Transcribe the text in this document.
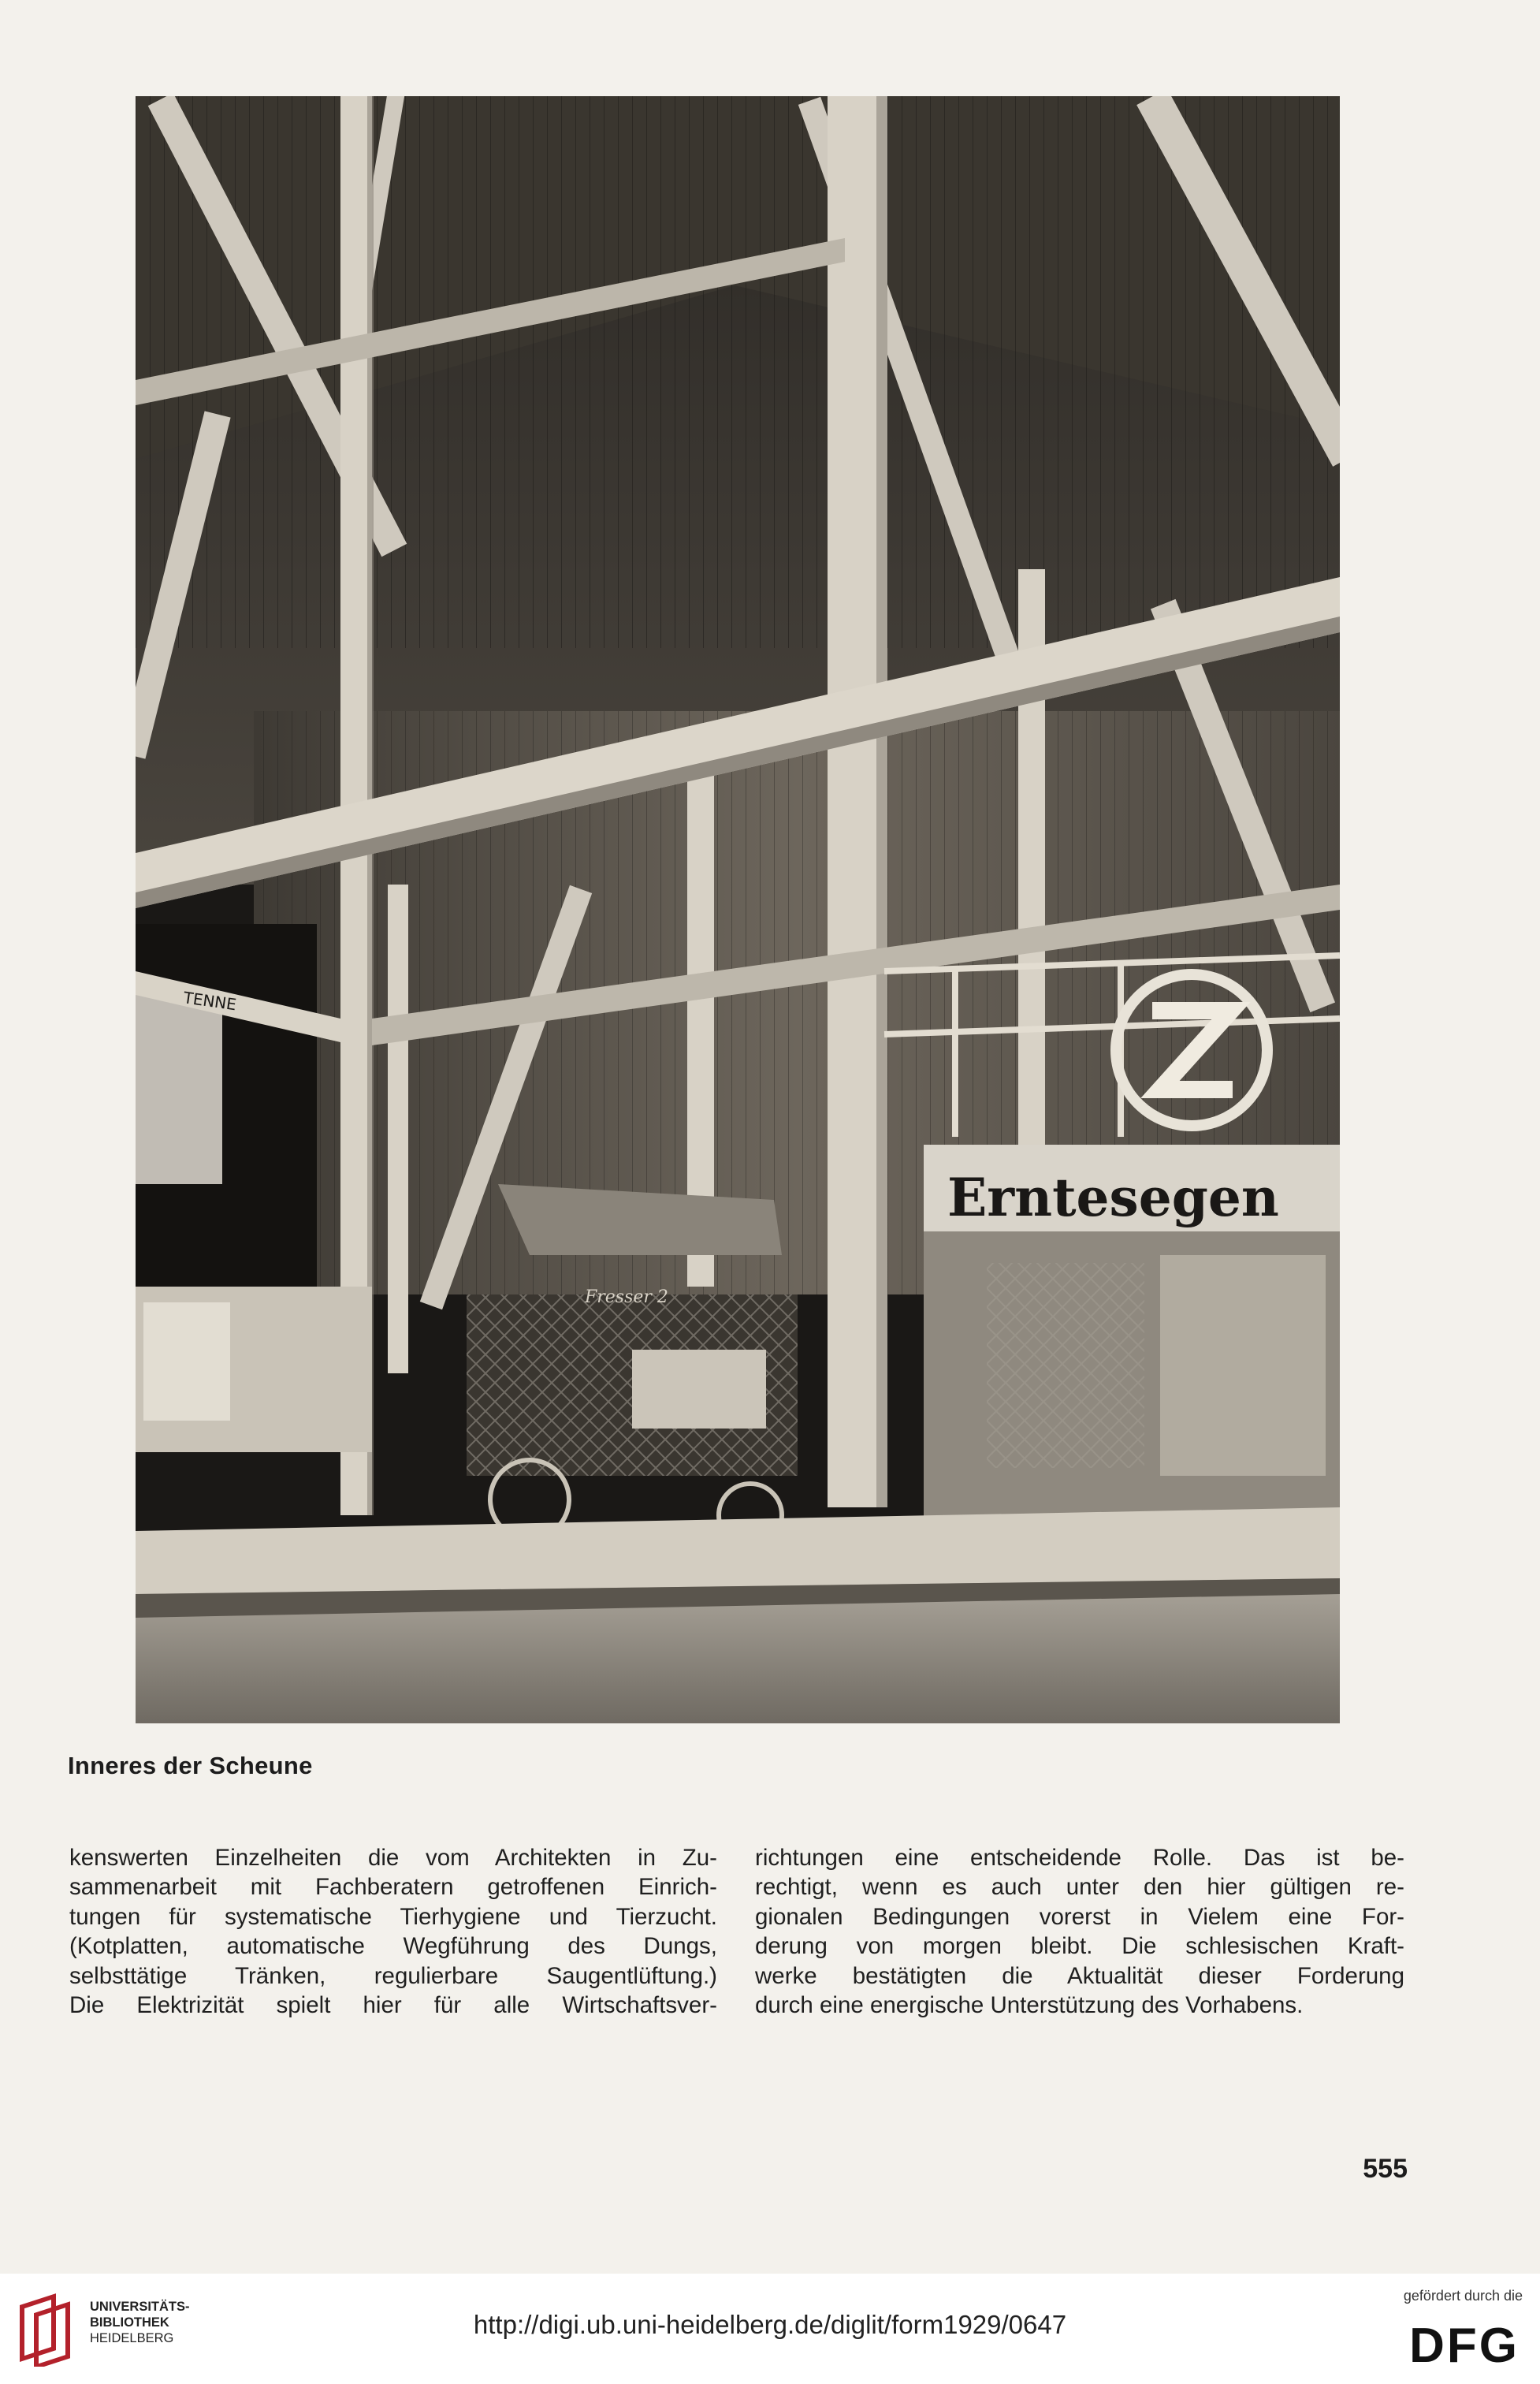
Erntesegen
Fresser 2
TENNE
Inneres der Scheune
kenswerten Einzelheiten die vom Architekten in Zu-
sammenarbeit mit Fachberatern getroffenen Einrich-
tungen für systematische Tierhygiene und Tierzucht.
(Kotplatten, automatische Wegführung des Dungs,
selbsttätige Tränken, regulierbare Saugentlüftung.)
Die Elektrizität spielt hier für alle Wirtschaftsver-
richtungen eine entscheidende Rolle. Das ist be-
rechtigt, wenn es auch unter den hier gültigen re-
gionalen Bedingungen vorerst in Vielem eine For-
derung von morgen bleibt. Die schlesischen Kraft-
werke bestätigten die Aktualität dieser Forderung
durch eine energische Unterstützung des Vorhabens.
555
UNIVERSITÄTS-
BIBLIOTHEK
HEIDELBERG	http://digi.ub.uni-heidelberg.de/diglit/form1929/0647
gefördert durch die
DFG
